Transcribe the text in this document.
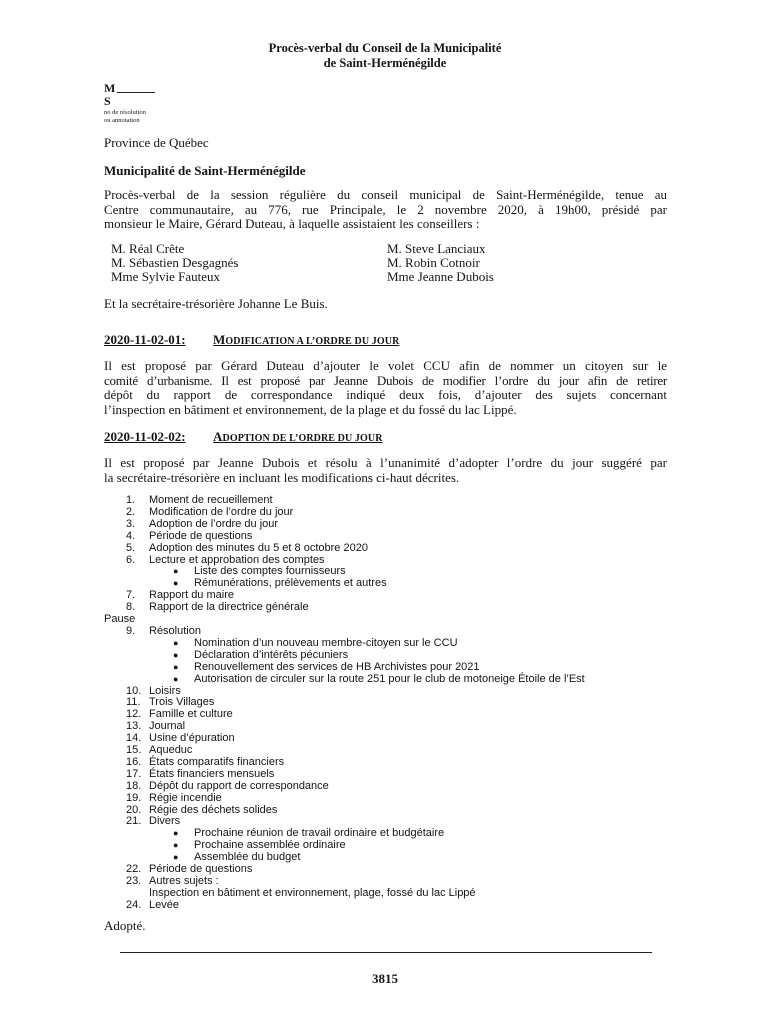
Procès-verbal du Conseil de la Municipalité
de Saint-Herménégilde
M
S
no de résolution
ou annotation
Province de Québec
Municipalité de Saint-Herménégilde
Procès-verbal de la session régulière du conseil municipal de Saint-Herménégilde, tenue au
Centre communautaire, au 776, rue Principale, le 2 novembre 2020, à 19h00, présidé par
monsieur le Maire, Gérard Duteau, à laquelle assistaient les conseillers :
M. Réal Crête
M. Sébastien Desgagnés
Mme Sylvie Fauteux
M. Steve Lanciaux
M. Robin Cotnoir
Mme Jeanne Dubois
Et la secrétaire-trésorière Johanne Le Buis.
2020-11-02-01:	MODIFICATION A L’ORDRE DU JOUR
Il est proposé par Gérard Duteau d’ajouter le volet CCU afin de nommer un citoyen sur le
comité d’urbanisme. Il est proposé par Jeanne Dubois de modifier l’ordre du jour afin de retirer
dépôt du rapport de correspondance indiqué deux fois, d’ajouter des sujets concernant
l’inspection en bâtiment et environnement, de la plage et du fossé du lac Lippé.
2020-11-02-02:	ADOPTION DE L’ORDRE DU JOUR
Il est proposé par Jeanne Dubois et résolu à l’unanimité d’adopter l’ordre du jour suggéré par
la secrétaire-trésorière en incluant les modifications ci-haut décrites.
1. Moment de recueillement
2. Modification de l’ordre du jour
3. Adoption de l’ordre du jour
4. Période de questions
5. Adoption des minutes du 5 et 8 octobre 2020
6. Lecture et approbation des comptes
● Liste des comptes fournisseurs
● Rémunérations, prélèvements et autres
7. Rapport du maire
8. Rapport de la directrice générale
Pause
9. Résolution
● Nomination d’un nouveau membre-citoyen sur le CCU
● Déclaration d’intérêts pécuniers
● Renouvellement des services de HB Archivistes pour 2021
● Autorisation de circuler sur la route 251 pour le club de motoneige Étoile de l’Est
10. Loisirs
11. Trois Villages
12. Famille et culture
13. Journal
14. Usine d’épuration
15. Aqueduc
16. États comparatifs financiers
17. États financiers mensuels
18. Dépôt du rapport de correspondance
19. Régie incendie
20. Régie des déchets solides
21. Divers
● Prochaine réunion de travail ordinaire et budgétaire
● Prochaine assemblée ordinaire
● Assemblée du budget
22. Période de questions
23. Autres sujets :
Inspection en bâtiment et environnement, plage, fossé du lac Lippé
24. Levée
Adopté.
3815
